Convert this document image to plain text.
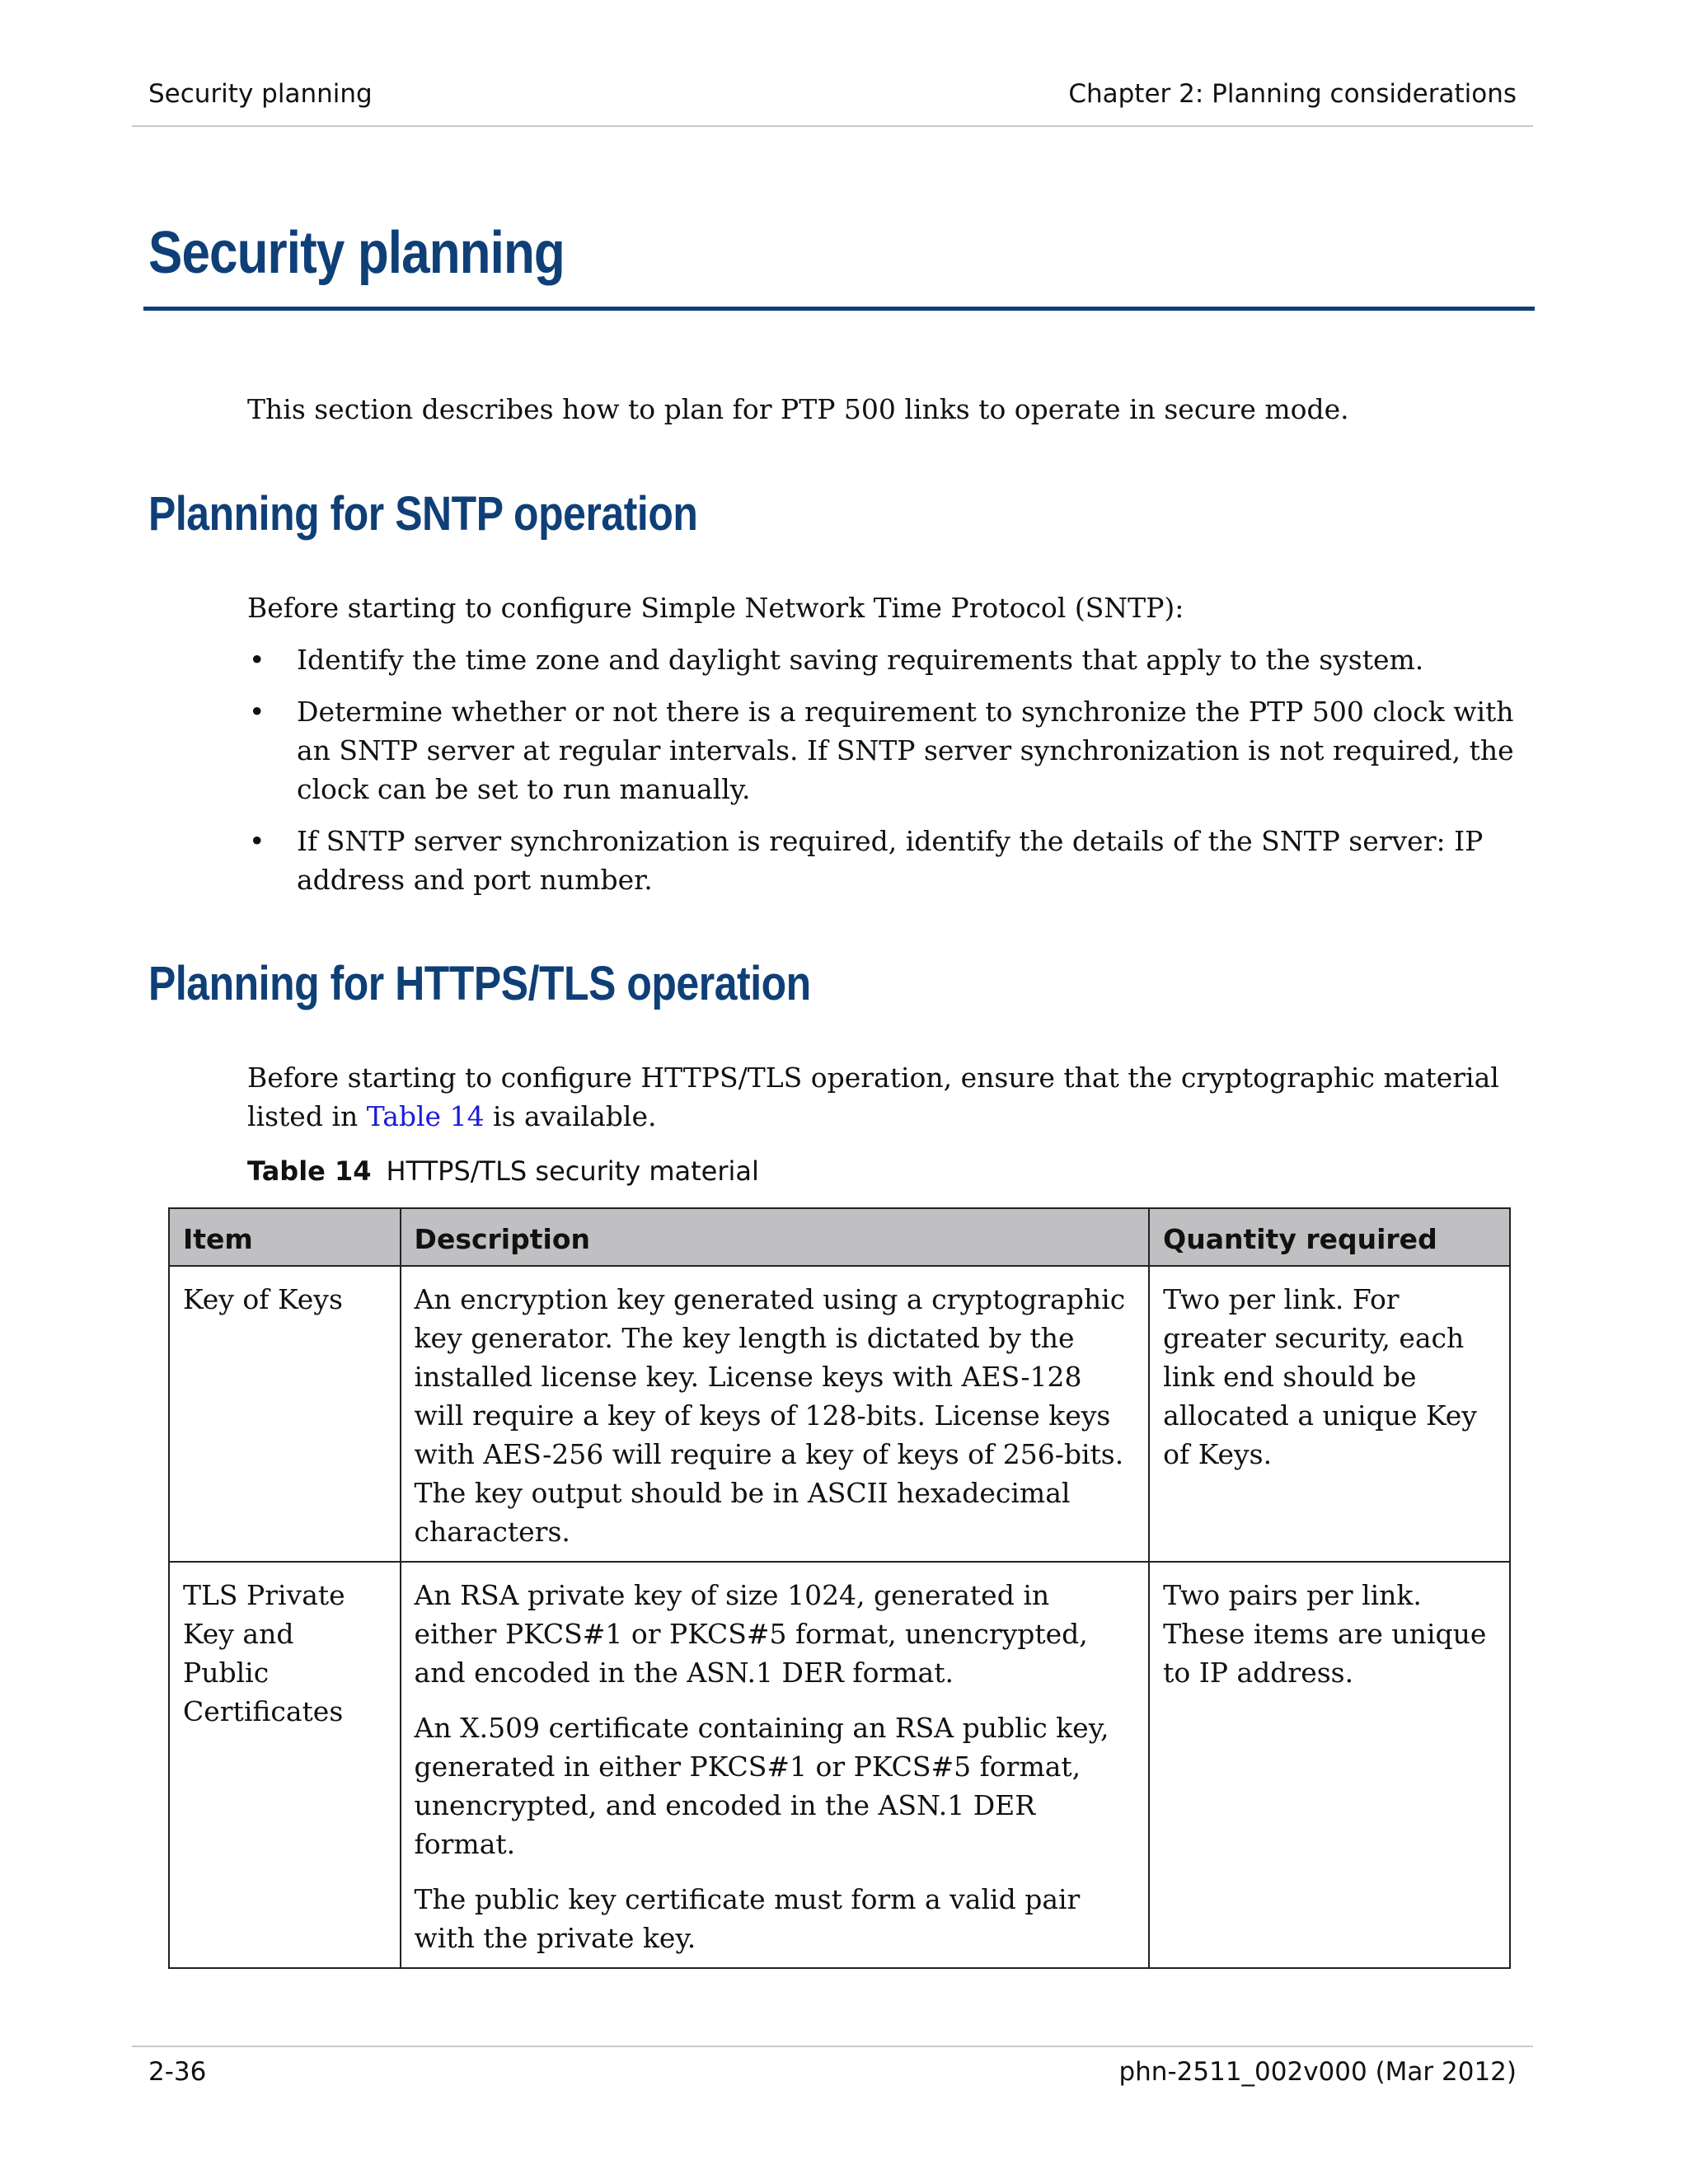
Security planning	Chapter 2: Planning considerations
Security planning

This section describes how to plan for PTP 500 links to operate in secure mode.

Planning for SNTP operation

Before starting to configure Simple Network Time Protocol (SNTP):

• Identify the time zone and daylight saving requirements that apply to the system.
• Determine whether or not there is a requirement to synchronize the PTP 500 clock with an SNTP server at regular intervals. If SNTP server synchronization is not required, the clock can be set to run manually.
• If SNTP server synchronization is required, identify the details of the SNTP server: IP address and port number.
Planning for HTTPS/TLS operation

Before starting to configure HTTPS/TLS operation, ensure that the cryptographic material listed in Table 14 is available.

Table 14 HTTPS/TLS security material
Item	Description	Quantity required
Key of Keys	An encryption key generated using a cryptographic key generator. The key length is dictated by the installed license key. License keys with AES-128 will require a key of keys of 128-bits. License keys with AES-256 will require a key of keys of 256-bits. The key output should be in ASCII hexadecimal characters.	Two per link. For greater security, each link end should be allocated a unique Key of Keys.
TLS Private Key and Public Certificates	An RSA private key of size 1024, generated in either PKCS#1 or PKCS#5 format, unencrypted, and encoded in the ASN.1 DER format.

An X.509 certificate containing an RSA public key, generated in either PKCS#1 or PKCS#5 format, unencrypted, and encoded in the ASN.1 DER format.

The public key certificate must form a valid pair with the private key.	Two pairs per link. These items are unique to IP address.
2-36	phn-2511_002v000 (Mar 2012)
